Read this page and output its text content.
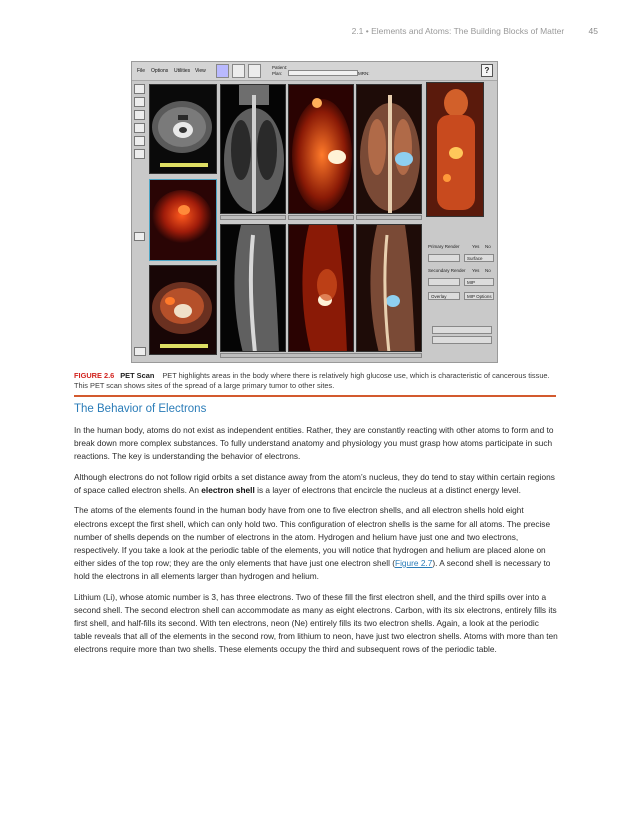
2.1 • Elements and Atoms: The Building Blocks of Matter	45
File Options Utilities View
Patient:
Plan:	MRN:	?
Primary Render	Yes No
Surface
Secondary Render Yes No
MIP
Overlay	MIP Options
FIGURE 2.6 PET Scan PET highlights areas in the body where there is relatively high glucose use, which is characteristic of cancerous tissue. This PET scan shows sites of the spread of a large primary tumor to other sites.
The Behavior of Electrons

In the human body, atoms do not exist as independent entities. Rather, they are constantly reacting with other atoms to form and to break down more complex substances. To fully understand anatomy and physiology you must grasp how atoms participate in such reactions. The key is understanding the behavior of electrons.

Although electrons do not follow rigid orbits a set distance away from the atom’s nucleus, they do tend to stay within certain regions of space called electron shells. An electron shell is a layer of electrons that encircle the nucleus at a distinct energy level.

The atoms of the elements found in the human body have from one to five electron shells, and all electron shells hold eight electrons except the first shell, which can only hold two. This configuration of electron shells is the same for all atoms. The precise number of shells depends on the number of electrons in the atom. Hydrogen and helium have just one and two electrons, respectively. If you take a look at the periodic table of the elements, you will notice that hydrogen and helium are placed alone on either sides of the top row; they are the only elements that have just one electron shell (Figure 2.7). A second shell is necessary to hold the electrons in all elements larger than hydrogen and helium.

Lithium (Li), whose atomic number is 3, has three electrons. Two of these fill the first electron shell, and the third spills over into a second shell. The second electron shell can accommodate as many as eight electrons. Carbon, with its six electrons, entirely fills its first shell, and half-fills its second. With ten electrons, neon (Ne) entirely fills its two electron shells. Again, a look at the periodic table reveals that all of the elements in the second row, from lithium to neon, have just two electron shells. Atoms with more than ten electrons require more than two shells. These elements occupy the third and subsequent rows of the periodic table.
